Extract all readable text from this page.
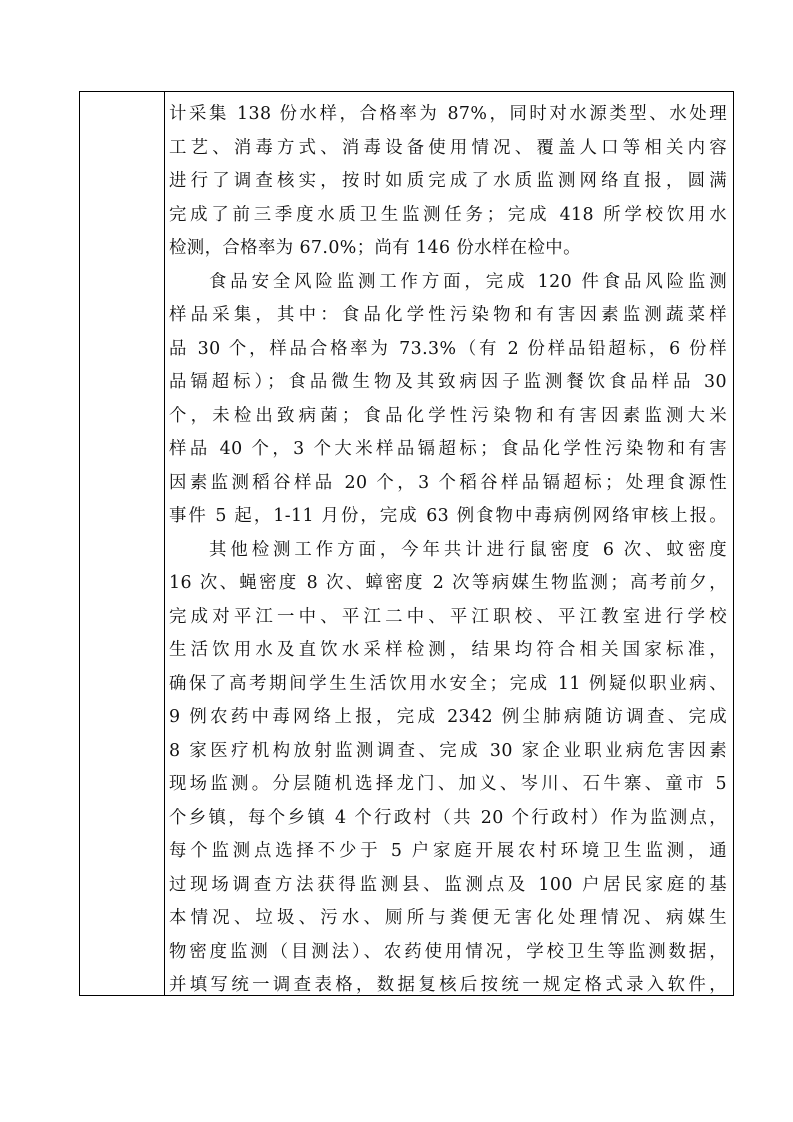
计采集 138 份水样，合格率为 87%，同时对水源类型、水处理
工艺、消毒方式、消毒设备使用情况、覆盖人口等相关内容
进行了调查核实，按时如质完成了水质监测网络直报，圆满
完成了前三季度水质卫生监测任务；完成 418 所学校饮用水
检测，合格率为 67.0%；尚有 146 份水样在检中。
食品安全风险监测工作方面，完成 120 件食品风险监测
样品采集，其中：食品化学性污染物和有害因素监测蔬菜样
品 30 个，样品合格率为 73.3%（有 2 份样品铅超标，6 份样
品镉超标）；食品微生物及其致病因子监测餐饮食品样品 30
个，未检出致病菌；食品化学性污染物和有害因素监测大米
样品 40 个，3 个大米样品镉超标；食品化学性污染物和有害
因素监测稻谷样品 20 个，3 个稻谷样品镉超标；处理食源性
事件 5 起，1-11 月份，完成 63 例食物中毒病例网络审核上报。
其他检测工作方面，今年共计进行鼠密度 6 次、蚊密度
16 次、蝇密度 8 次、蟑密度 2 次等病媒生物监测；高考前夕，
完成对平江一中、平江二中、平江职校、平江教室进行学校
生活饮用水及直饮水采样检测，结果均符合相关国家标准，
确保了高考期间学生生活饮用水安全；完成 11 例疑似职业病、
9 例农药中毒网络上报，完成 2342 例尘肺病随访调查、完成
8 家医疗机构放射监测调查、完成 30 家企业职业病危害因素
现场监测。分层随机选择龙门、加义、岑川、石牛寨、童市 5
个乡镇，每个乡镇 4 个行政村（共 20 个行政村）作为监测点，
每个监测点选择不少于 5 户家庭开展农村环境卫生监测，通
过现场调查方法获得监测县、监测点及 100 户居民家庭的基
本情况、垃圾、污水、厕所与粪便无害化处理情况、病媒生
物密度监测（目测法）、农药使用情况，学校卫生等监测数据，
并填写统一调查表格，数据复核后按统一规定格式录入软件，
